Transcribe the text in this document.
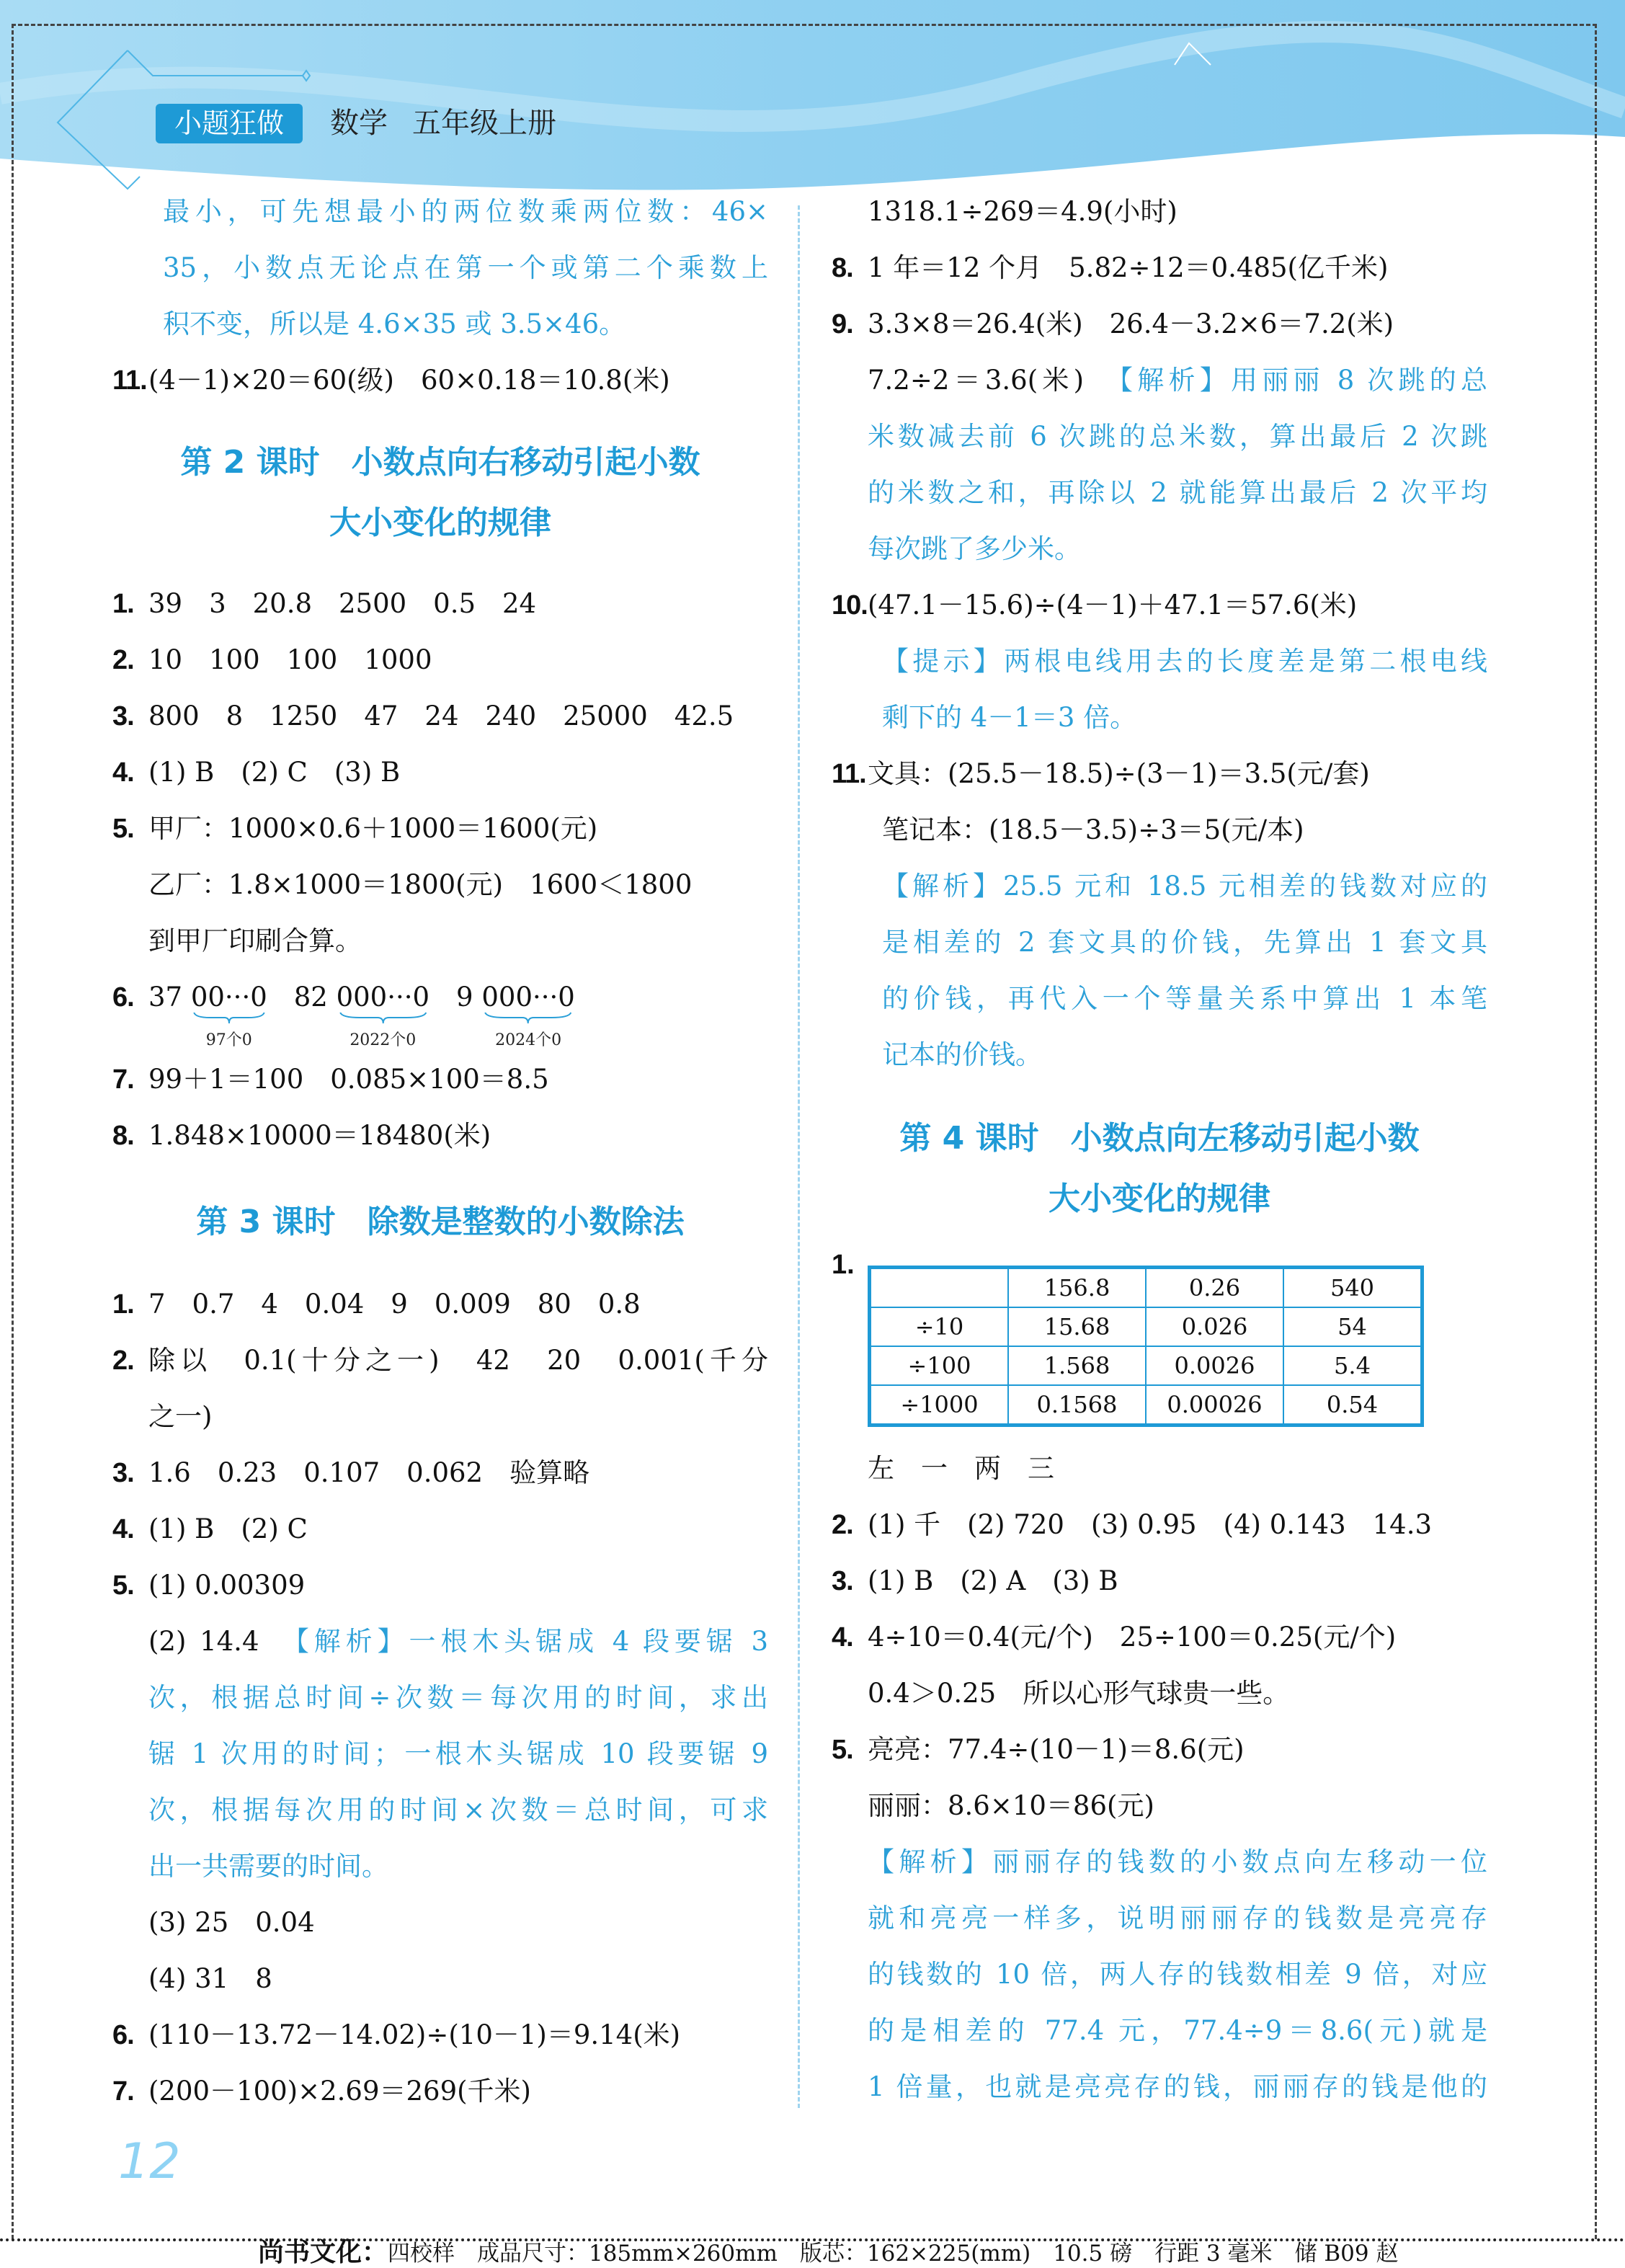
小题狂做	数学 五年级上册
最小，可先想最小的两位数乘两位数：46×
35，小数点无论点在第一个或第二个乘数上
积不变，所以是 4.6×35 或 3.5×46。
11. (4－1)×20＝60(级)　60×0.18＝10.8(米)
第 2 课时　小数点向右移动引起小数
大小变化的规律
1. 39　3　20.8　2500　0.5　24
2. 10　100　100　1000
3. 800　8　1250　47　24　240　25000　42.5
4. (1) B　(2) C　(3) B
5. 甲厂：1000×0.6＋1000＝1600(元)
乙厂：1.8×1000＝1800(元)　1600＜1800
到甲厂印刷合算。
6. 37 00···0
97个0
　82 000···0
2022个0
　9 000···0
2024个0
7. 99＋1＝100　0.085×100＝8.5
8. 1.848×10000＝18480(米)
第 3 课时　除数是整数的小数除法
1. 7　0.7　4　0.04　9　0.009　80　0.8
2. 除以　0.1(十分之一)　42　20　0.001(千分
之一)
3. 1.6　0.23　0.107　0.062　验算略
4. (1) B　(2) C
5. (1) 0.00309
(2) 14.4　【解析】一根木头锯成 4 段要锯 3
次，根据总时间÷次数＝每次用的时间，求出
锯 1 次用的时间；一根木头锯成 10 段要锯 9
次，根据每次用的时间×次数＝总时间，可求
出一共需要的时间。
(3) 25　0.04
(4) 31　8
6. (110－13.72－14.02)÷(10－1)＝9.14(米)
7. (200－100)×2.69＝269(千米)
1318.1÷269＝4.9(小时)
8. 1 年＝12 个月　5.82÷12＝0.485(亿千米)
9. 3.3×8＝26.4(米)　26.4－3.2×6＝7.2(米)
7.2÷2＝3.6(米)　【解析】用丽丽 8 次跳的总
米数减去前 6 次跳的总米数，算出最后 2 次跳
的米数之和，再除以 2 就能算出最后 2 次平均
每次跳了多少米。
10. (47.1－15.6)÷(4－1)＋47.1＝57.6(米)
【提示】两根电线用去的长度差是第二根电线
剩下的 4－1＝3 倍。
11. 文具：(25.5－18.5)÷(3－1)＝3.5(元/套)
笔记本：(18.5－3.5)÷3＝5(元/本)
【解析】25.5 元和 18.5 元相差的钱数对应的
是相差的 2 套文具的价钱，先算出 1 套文具
的价钱，再代入一个等量关系中算出 1 本笔
记本的价钱。
第 4 课时　小数点向左移动引起小数
大小变化的规律
1.
	156.8	0.26	540
÷10	15.68	0.026	54
÷100	1.568	0.0026	5.4
÷1000	0.1568	0.00026	0.54
左　一　两　三
2. (1) 千　(2) 720　(3) 0.95　(4) 0.143　14.3
3. (1) B　(2) A　(3) B
4. 4÷10＝0.4(元/个)　25÷100＝0.25(元/个)
0.4＞0.25　所以心形气球贵一些。
5. 亮亮：77.4÷(10－1)＝8.6(元)
丽丽：8.6×10＝86(元)
【解析】丽丽存的钱数的小数点向左移动一位
就和亮亮一样多，说明丽丽存的钱数是亮亮存
的钱数的 10 倍，两人存的钱数相差 9 倍，对应
的是相差的 77.4 元，77.4÷9＝8.6(元)就是
1 倍量，也就是亮亮存的钱，丽丽存的钱是他的
12
尚书文化：四校样　成品尺寸：185mm×260mm　版芯：162×225(mm)　10.5 磅　行距 3 毫米　储 B09 赵
